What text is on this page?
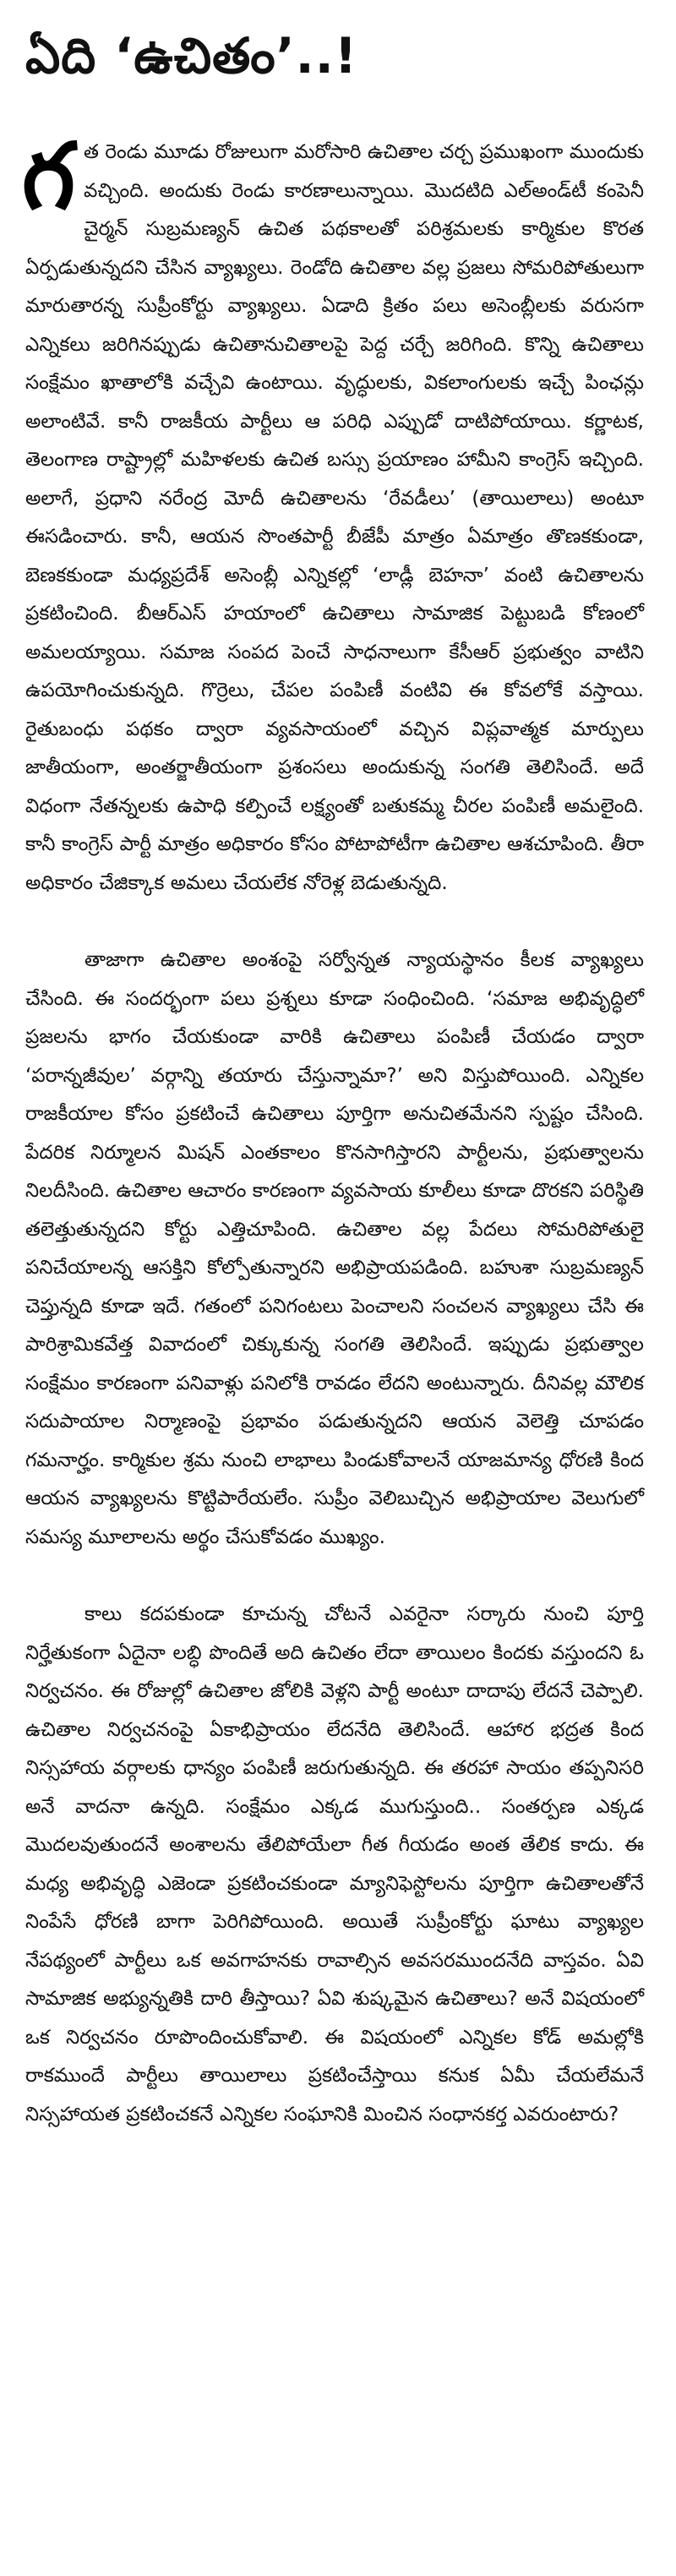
ఏది ‘ఉచితం’..!

గత రెండు మూడు రోజులుగా మరోసారి ఉచితాల చర్చ ప్రముఖంగా ముందుకు వచ్చింది. అందుకు రెండు కారణాలున్నాయి. మొదటిది ఎల్‌అండ్‌టీ కంపెనీ చైర్మన్‌ సుబ్రమణ్యన్‌ ఉచిత పథకాలతో పరిశ్రమలకు కార్మికుల కొరత ఏర్పడుతున్నదని చేసిన వ్యాఖ్యలు. రెండోది ఉచితాల వల్ల ప్రజలు సోమరిపోతులుగా మారుతారన్న సుప్రీంకోర్టు వ్యాఖ్యలు. ఏడాది క్రితం పలు అసెంబ్లీలకు వరుసగా ఎన్నికలు జరిగినప్పుడు ఉచితానుచితాలపై పెద్ద చర్చే జరిగింది. కొన్ని ఉచితాలు సంక్షేమం ఖాతాలోకి వచ్చేవి ఉంటాయి. వృద్ధులకు, వికలాంగులకు ఇచ్చే పింఛన్లు అలాంటివే. కానీ రాజకీయ పార్టీలు ఆ పరిధి ఎప్పుడో దాటిపోయాయి. కర్ణాటక, తెలంగాణ రాష్ట్రాల్లో మహిళలకు ఉచిత బస్సు ప్రయాణం హామీని కాంగ్రెస్‌ ఇచ్చింది. అలాగే, ప్రధాని నరేంద్ర మోదీ ఉచితాలను ‘రేవడీలు’ (తాయిలాలు) అంటూ ఈసడించారు. కానీ, ఆయన సొంతపార్టీ బీజేపీ మాత్రం ఏమాత్రం తొణకకుండా, బెణకకుండా మధ్యప్రదేశ్‌ అసెంబ్లీ ఎన్నికల్లో ‘లాడ్లీ బెహనా’ వంటి ఉచితాలను ప్రకటించింది. బీఆర్‌ఎస్‌ హయాంలో ఉచితాలు సామాజిక పెట్టుబడి కోణంలో అమలయ్యాయి. సమాజ సంపద పెంచే సాధనాలుగా కేసీఆర్‌ ప్రభుత్వం వాటిని ఉపయోగించుకున్నది. గొర్రెలు, చేపల పంపిణీ వంటివి ఈ కోవలోకే వస్తాయి. రైతుబంధు పథకం ద్వారా వ్యవసాయంలో వచ్చిన విప్లవాత్మక మార్పులు జాతీయంగా, అంతర్జాతీయంగా ప్రశంసలు అందుకున్న సంగతి తెలిసిందే. అదే విధంగా నేతన్నలకు ఉపాధి కల్పించే లక్ష్యంతో బతుకమ్మ చీరల పంపిణీ అమలైంది. కానీ కాంగ్రెస్‌ పార్టీ మాత్రం అధికారం కోసం పోటాపోటీగా ఉచితాల ఆశచూపింది. తీరా అధికారం చేజిక్కాక అమలు చేయలేక నోరెళ్ల బెడుతున్నది.

తాజాగా ఉచితాల అంశంపై సర్వోన్నత న్యాయస్థానం కీలక వ్యాఖ్యలు చేసింది. ఈ సందర్భంగా పలు ప్రశ్నలు కూడా సంధించింది. ‘సమాజ అభివృద్ధిలో ప్రజలను భాగం చేయకుండా వారికి ఉచితాలు పంపిణీ చేయడం ద్వారా ‘పరాన్నజీవుల’ వర్గాన్ని తయారు చేస్తున్నామా?’ అని విస్తుపోయింది. ఎన్నికల రాజకీయాల కోసం ప్రకటించే ఉచితాలు పూర్తిగా అనుచితమేనని స్పష్టం చేసింది. పేదరిక నిర్మూలన మిషన్‌ ఎంతకాలం కొనసాగిస్తారని పార్టీలను, ప్రభుత్వాలను నిలదీసింది. ఉచితాల ఆచారం కారణంగా వ్యవసాయ కూలీలు కూడా దొరకని పరిస్థితి తలెత్తుతున్నదని కోర్టు ఎత్తిచూపింది. ఉచితాల వల్ల పేదలు సోమరిపోతులై పనిచేయాలన్న ఆసక్తిని కోల్పోతున్నారని అభిప్రాయపడింది. బహుశా సుబ్రమణ్యన్‌ చెప్తున్నది కూడా ఇదే. గతంలో పనిగంటలు పెంచాలని సంచలన వ్యాఖ్యలు చేసి ఈ పారిశ్రామికవేత్త వివాదంలో చిక్కుకున్న సంగతి తెలిసిందే. ఇప్పుడు ప్రభుత్వాల సంక్షేమం కారణంగా పనివాళ్లు పనిలోకి రావడం లేదని అంటున్నారు. దీనివల్ల మౌలిక సదుపాయాల నిర్మాణంపై ప్రభావం పడుతున్నదని ఆయన వెలెత్తి చూపడం గమనార్హం. కార్మికుల శ్రమ నుంచి లాభాలు పిండుకోవాలనే యాజమాన్య ధోరణి కింద ఆయన వ్యాఖ్యలను కొట్టిపారేయలేం. సుప్రీం వెలిబుచ్చిన అభిప్రాయాల వెలుగులో సమస్య మూలాలను అర్థం చేసుకోవడం ముఖ్యం.

కాలు కదపకుండా కూచున్న చోటనే ఎవరైనా సర్కారు నుంచి పూర్తి నిర్హేతుకంగా ఏదైనా లబ్ధి పొందితే అది ఉచితం లేదా తాయిలం కిందకు వస్తుందని ఓ నిర్వచనం. ఈ రోజుల్లో ఉచితాల జోలికి వెళ్లని పార్టీ అంటూ దాదాపు లేదనే చెప్పాలి. ఉచితాల నిర్వచనంపై ఏకాభిప్రాయం లేదనేది తెలిసిందే. ఆహార భద్రత కింద నిస్సహాయ వర్గాలకు ధాన్యం పంపిణీ జరుగుతున్నది. ఈ తరహా సాయం తప్పనిసరి అనే వాదనా ఉన్నది. సంక్షేమం ఎక్కడ ముగుస్తుంది.. సంతర్పణ ఎక్కడ మొదలవుతుందనే అంశాలను తేలిపోయేలా గీత గీయడం అంత తేలిక కాదు. ఈ మధ్య అభివృద్ధి ఎజెండా ప్రకటించకుండా మ్యానిఫెస్టోలను పూర్తిగా ఉచితాలతోనే నింపేసే ధోరణి బాగా పెరిగిపోయింది. అయితే సుప్రీంకోర్టు ఘాటు వ్యాఖ్యల నేపథ్యంలో పార్టీలు ఒక అవగాహనకు రావాల్సిన అవసరముందనేది వాస్తవం. ఏవి సామాజిక అభ్యున్నతికి దారి తీస్తాయి? ఏవి శుష్కమైన ఉచితాలు? అనే విషయంలో ఒక నిర్వచనం రూపొందించుకోవాలి. ఈ విషయంలో ఎన్నికల కోడ్‌ అమల్లోకి రాకముందే పార్టీలు తాయిలాలు ప్రకటించేస్తాయి కనుక ఏమీ చేయలేమనే నిస్సహాయత ప్రకటించకనే ఎన్నికల సంఘానికి మించిన సంధానకర్త ఎవరుంటారు?
